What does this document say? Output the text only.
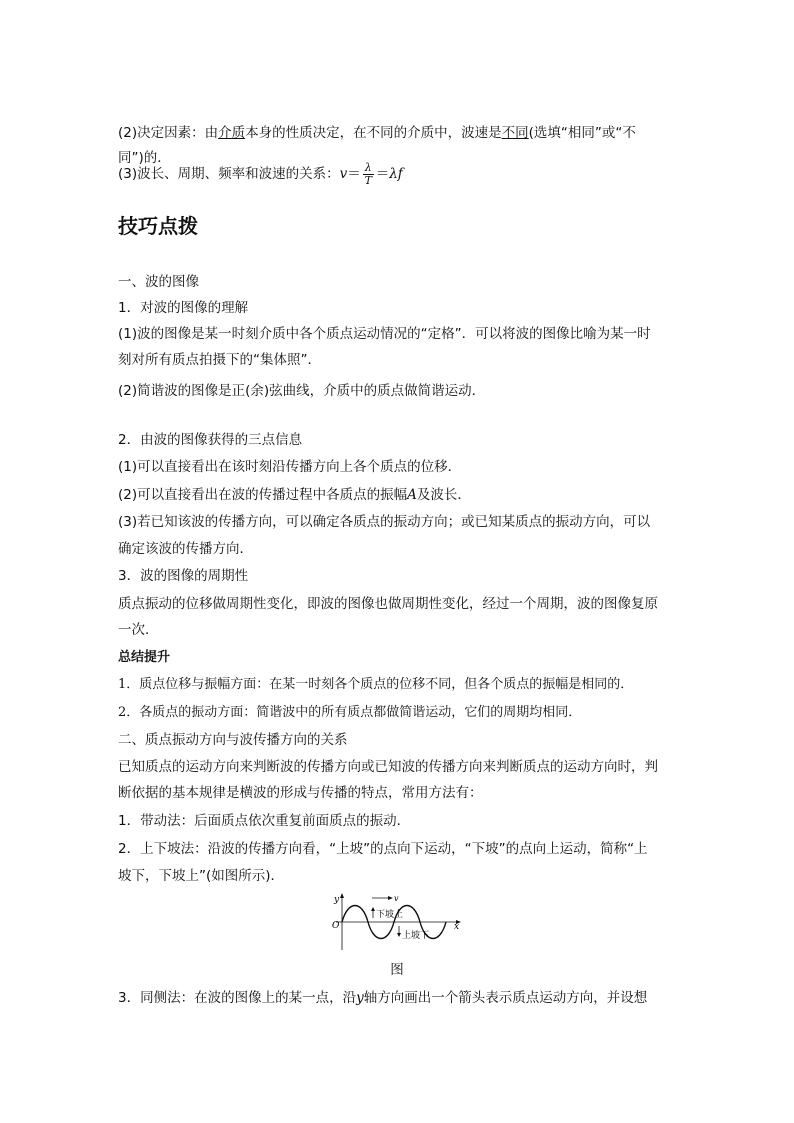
(2)决定因素：由介质本身的性质决定，在不同的介质中，波速是不同(选填“相同”或“不
同”)的．
(3)波长、周期、频率和波速的关系： $v = \frac{\lambda}{T} = \lambda f$
技巧点拨
一、波的图像
1．对波的图像的理解
(1)波的图像是某一时刻介质中各个质点运动情况的“定格”．可以将波的图像比喻为某一时
刻对所有质点拍摄下的“集体照”．
(2)简谐波的图像是正(余)弦曲线，介质中的质点做简谐运动．
2．由波的图像获得的三点信息
(1)可以直接看出在该时刻沿传播方向上各个质点的位移．
(2)可以直接看出在波的传播过程中各质点的振幅A及波长．
(3)若已知该波的传播方向，可以确定各质点的振动方向；或已知某质点的振动方向，可以
确定该波的传播方向．
3．波的图像的周期性
质点振动的位移做周期性变化，即波的图像也做周期性变化，经过一个周期，波的图像复原
一次．
总结提升
1．质点位移与振幅方面：在某一时刻各个质点的位移不同，但各个质点的振幅是相同的．
2．各质点的振动方面：简谐波中的所有质点都做简谐运动，它们的周期均相同．
二、质点振动方向与波传播方向的关系
已知质点的运动方向来判断波的传播方向或已知波的传播方向来判断质点的运动方向时，判
断依据的基本规律是横波的形成与传播的特点，常用方法有：
1．带动法：后面质点依次重复前面质点的振动．
2．上下坡法：沿波的传播方向看，“上坡”的点向下运动，“下坡”的点向上运动，简称“上
坡下，下坡上”(如图所示)．
y
O	x
v
下坡上
上坡下
图
3．同侧法：在波的图像上的某一点，沿y轴方向画出一个箭头表示质点运动方向，并设想
